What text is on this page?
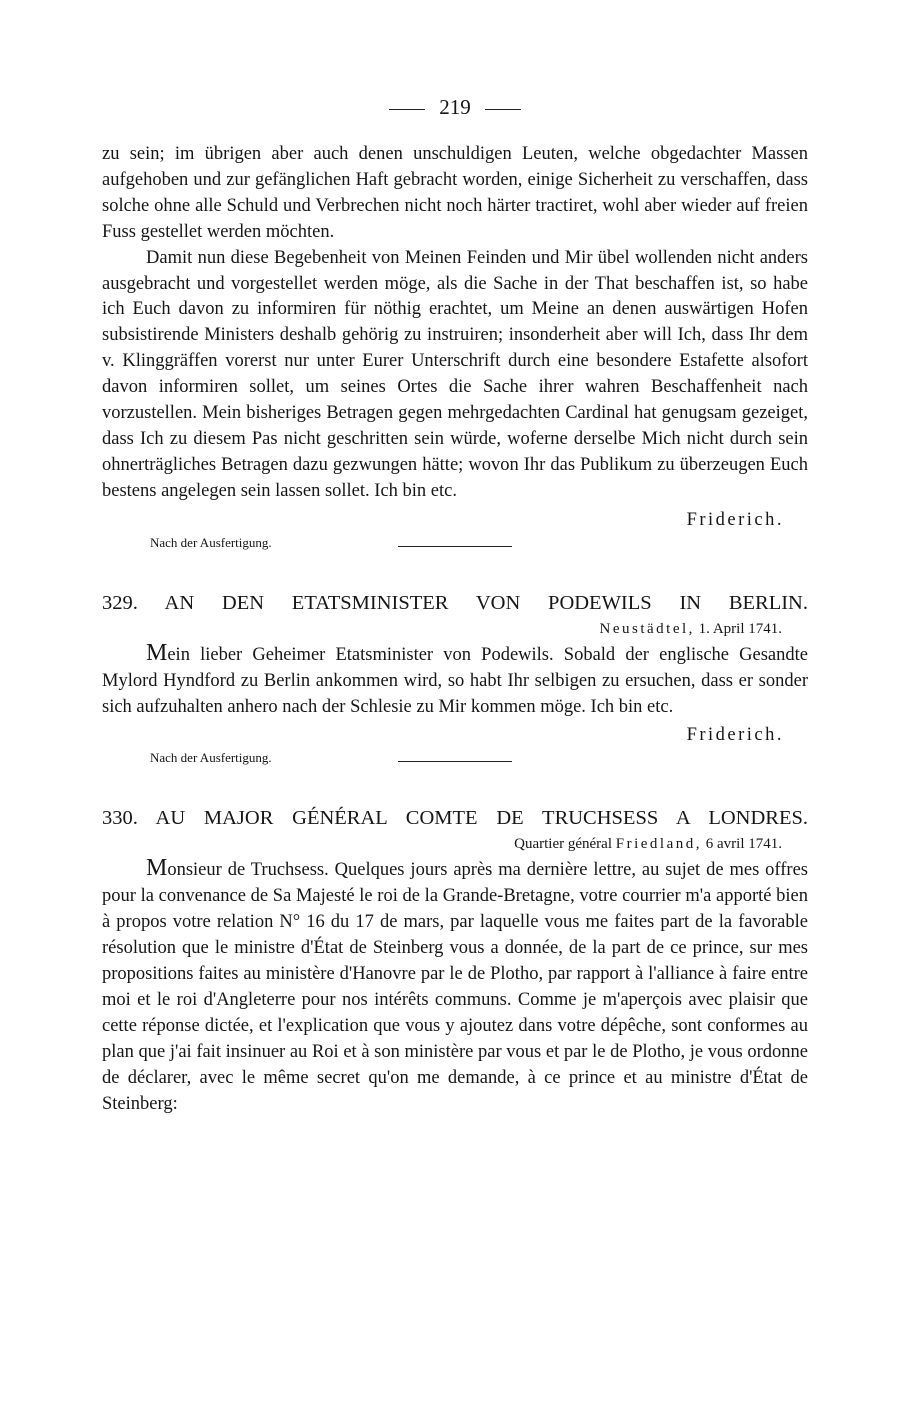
219

zu sein; im übrigen aber auch denen unschuldigen Leuten, welche obgedachter Massen aufgehoben und zur gefänglichen Haft gebracht worden, einige Sicherheit zu verschaffen, dass solche ohne alle Schuld und Verbrechen nicht noch härter tractiret, wohl aber wieder auf freien Fuss gestellet werden möchten.

Damit nun diese Begebenheit von Meinen Feinden und Mir übel wollenden nicht anders ausgebracht und vorgestellet werden möge, als die Sache in der That beschaffen ist, so habe ich Euch davon zu informiren für nöthig erachtet, um Meine an denen auswärtigen Hofen subsistirende Ministers deshalb gehörig zu instruiren; insonderheit aber will Ich, dass Ihr dem v. Klinggräffen vorerst nur unter Eurer Unterschrift durch eine besondere Estafette alsofort davon informiren sollet, um seines Ortes die Sache ihrer wahren Beschaffenheit nach vorzustellen. Mein bisheriges Betragen gegen mehrgedachten Cardinal hat genugsam gezeiget, dass Ich zu diesem Pas nicht geschritten sein würde, woferne derselbe Mich nicht durch sein ohnerträgliches Betragen dazu gezwungen hätte; wovon Ihr das Publikum zu überzeugen Euch bestens angelegen sein lassen sollet. Ich bin etc.

Friderich.
Nach der Ausfertigung.
329. AN DEN ETATSMINISTER VON PODEWILS IN BERLIN.
Neustädtel, 1. April 1741.

Mein lieber Geheimer Etatsminister von Podewils. Sobald der englische Gesandte Mylord Hyndford zu Berlin ankommen wird, so habt Ihr selbigen zu ersuchen, dass er sonder sich aufzuhalten anhero nach der Schlesie zu Mir kommen möge. Ich bin etc.

Friderich.
Nach der Ausfertigung.
330. AU MAJOR GÉNÉRAL COMTE DE TRUCHSESS A LONDRES.
Quartier général Friedland, 6 avril 1741.

Monsieur de Truchsess. Quelques jours après ma dernière lettre, au sujet de mes offres pour la convenance de Sa Majesté le roi de la Grande-Bretagne, votre courrier m'a apporté bien à propos votre relation N° 16 du 17 de mars, par laquelle vous me faites part de la favorable résolution que le ministre d'État de Steinberg vous a donnée, de la part de ce prince, sur mes propositions faites au ministère d'Hanovre par le de Plotho, par rapport à l'alliance à faire entre moi et le roi d'Angleterre pour nos intérêts communs. Comme je m'aperçois avec plaisir que cette réponse dictée, et l'explication que vous y ajoutez dans votre dépêche, sont conformes au plan que j'ai fait insinuer au Roi et à son ministère par vous et par le de Plotho, je vous ordonne de déclarer, avec le même secret qu'on me demande, à ce prince et au ministre d'État de Steinberg:
